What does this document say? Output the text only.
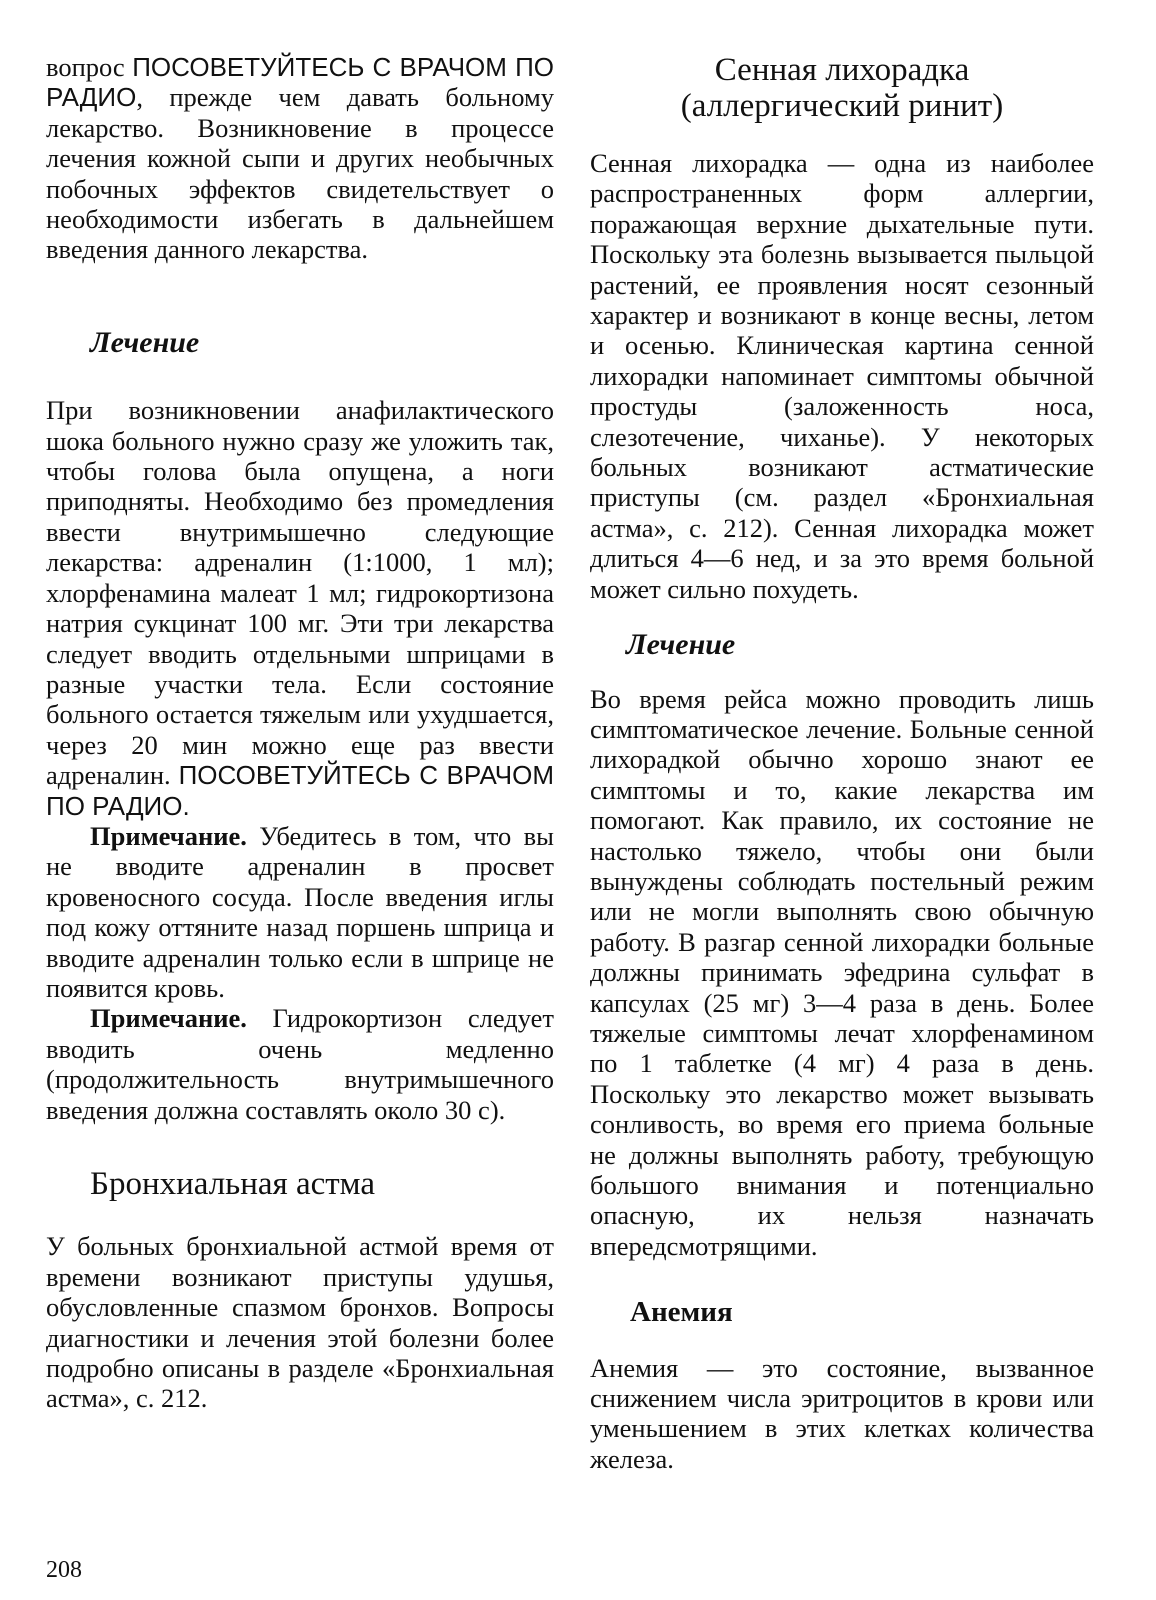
вопрос ПОСОВЕТУЙТЕСЬ С ВРАЧОМ ПО РАДИО, прежде чем давать больному лекарство. Возникновение в процессе лечения кожной сыпи и других необычных побочных эффектов свидетельствует о необходимости избегать в дальнейшем введения данного лекарства.

Лечение

При возникновении анафилактического шока больного нужно сразу же уложить так, чтобы голова была опущена, а ноги приподняты. Необходимо без промедления ввести внутримышечно следующие лекарства: адреналин (1:1000, 1 мл); хлорфенамина малеат 1 мл; гидрокортизона натрия сукцинат 100 мг. Эти три лекарства следует вводить отдельными шприцами в разные участки тела. Если состояние больного остается тяжелым или ухудшается, через 20 мин можно еще раз ввести адреналин. ПОСОВЕТУЙТЕСЬ С ВРАЧОМ ПО РАДИО.

Примечание. Убедитесь в том, что вы не вводите адреналин в просвет кровеносного сосуда. После введения иглы под кожу оттяните назад поршень шприца и вводите адреналин только если в шприце не появится кровь.

Примечание. Гидрокортизон следует вводить очень медленно (продолжительность внутримышечного введения должна составлять около 30 с).

Бронхиальная астма

У больных бронхиальной астмой время от времени возникают приступы удушья, обусловленные спазмом бронхов. Вопросы диагностики и лечения этой болезни более подробно описаны в разделе «Бронхиальная астма», с. 212.

Сенная лихорадка
(аллергический ринит)

Сенная лихорадка — одна из наиболее распространенных форм аллергии, поражающая верхние дыхательные пути. Поскольку эта болезнь вызывается пыльцой растений, ее проявления носят сезонный характер и возникают в конце весны, летом и осенью. Клиническая картина сенной лихорадки напоминает симптомы обычной простуды (заложенность носа, слезотечение, чиханье). У некоторых больных возникают астматические приступы (см. раздел «Бронхиальная астма», с. 212). Сенная лихорадка может длиться 4—6 нед, и за это время больной может сильно похудеть.

Лечение

Во время рейса можно проводить лишь симптоматическое лечение. Больные сенной лихорадкой обычно хорошо знают ее симптомы и то, какие лекарства им помогают. Как правило, их состояние не настолько тяжело, чтобы они были вынуждены соблюдать постельный режим или не могли выполнять свою обычную работу. В разгар сенной лихорадки больные должны принимать эфедрина сульфат в капсулах (25 мг) 3—4 раза в день. Более тяжелые симптомы лечат хлорфенамином по 1 таблетке (4 мг) 4 раза в день. Поскольку это лекарство может вызывать сонливость, во время его приема больные не должны выполнять работу, требующую большого внимания и потенциально опасную, их нельзя назначать впередсмотрящими.

Анемия

Анемия — это состояние, вызванное снижением числа эритроцитов в крови или уменьшением в этих клетках количества железа.

208
